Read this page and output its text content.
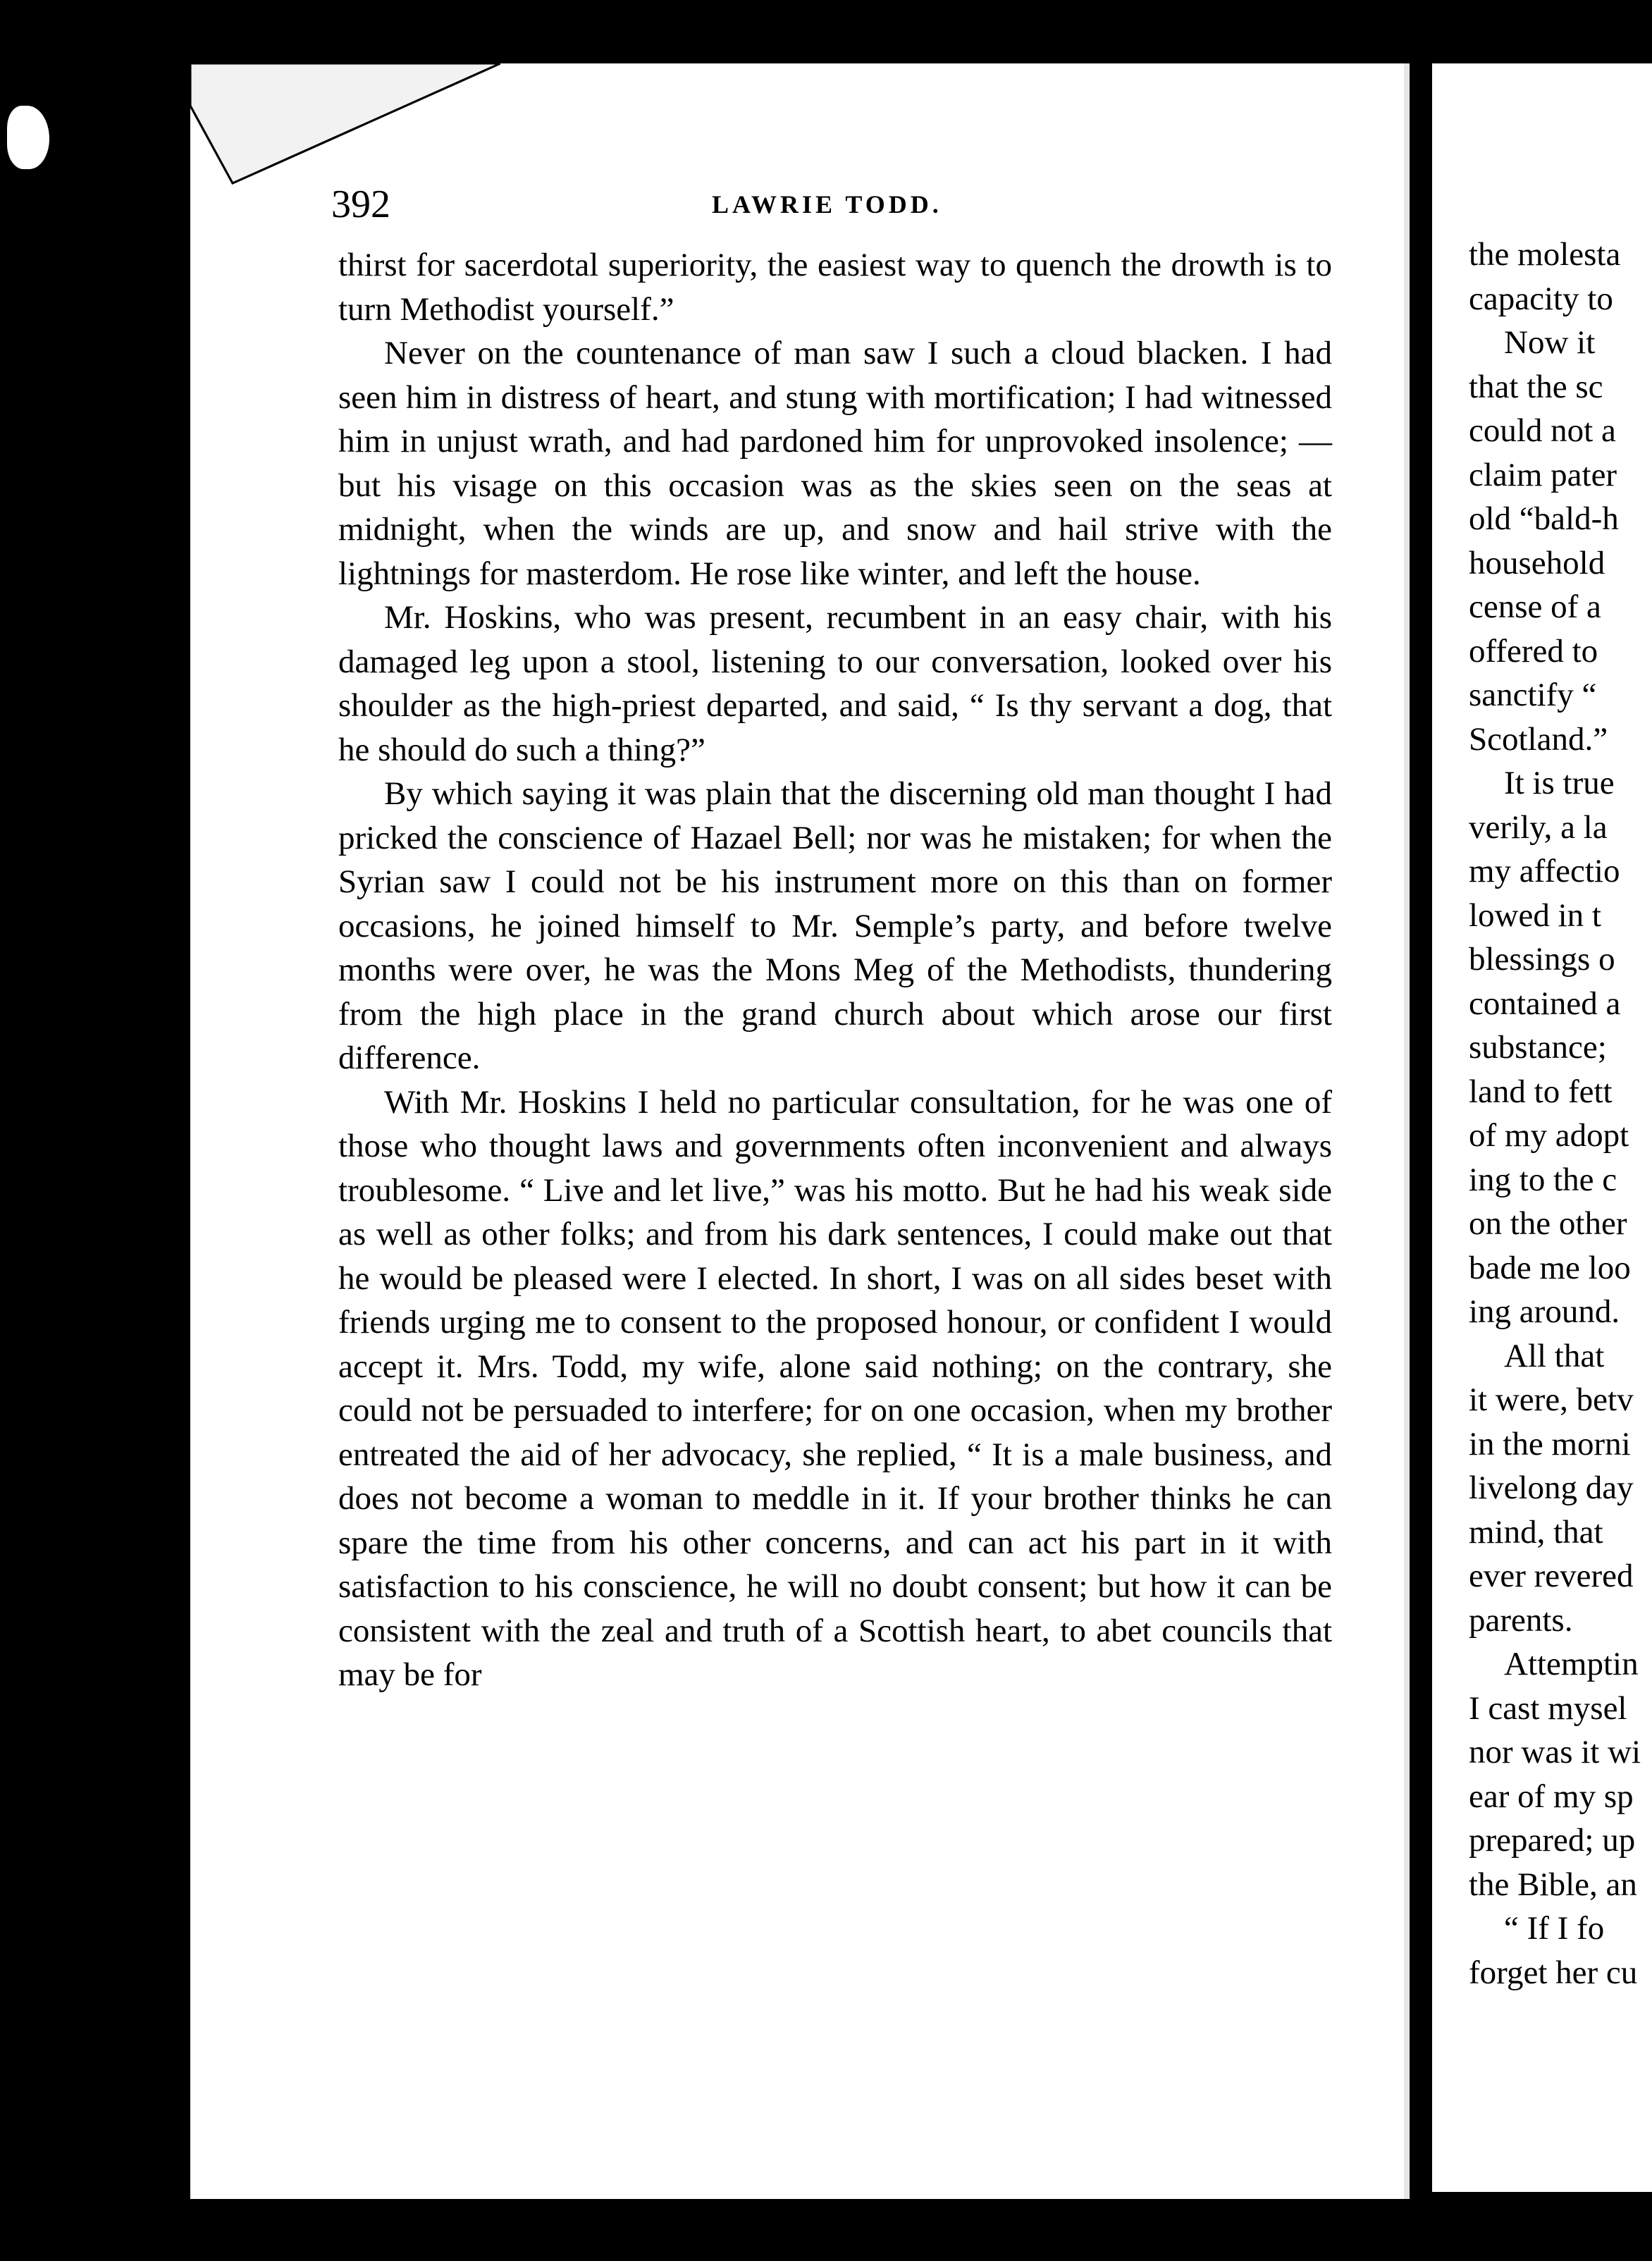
392	LAWRIE TODD.

thirst for sacerdotal superiority, the easiest way to quench the drowth is to turn Methodist yourself.”

Never on the countenance of man saw I such a cloud blacken. I had seen him in distress of heart, and stung with mortification; I had witnessed him in unjust wrath, and had pardoned him for unprovoked insolence; — but his visage on this occasion was as the skies seen on the seas at midnight, when the winds are up, and snow and hail strive with the lightnings for masterdom. He rose like winter, and left the house.

Mr. Hoskins, who was present, recumbent in an easy chair, with his damaged leg upon a stool, listening to our conversation, looked over his shoulder as the high-priest departed, and said, “ Is thy servant a dog, that he should do such a thing?”

By which saying it was plain that the discerning old man thought I had pricked the conscience of Hazael Bell; nor was he mistaken; for when the Syrian saw I could not be his instrument more on this than on former occasions, he joined himself to Mr. Semple’s party, and before twelve months were over, he was the Mons Meg of the Methodists, thundering from the high place in the grand church about which arose our first difference.

With Mr. Hoskins I held no particular consultation, for he was one of those who thought laws and governments often inconvenient and always troublesome. “ Live and let live,” was his motto. But he had his weak side as well as other folks; and from his dark sentences, I could make out that he would be pleased were I elected. In short, I was on all sides beset with friends urging me to consent to the proposed honour, or confident I would accept it. Mrs. Todd, my wife, alone said nothing; on the contrary, she could not be persuaded to interfere; for on one occasion, when my brother entreated the aid of her advocacy, she replied, “ It is a male business, and does not become a woman to meddle in it. If your brother thinks he can spare the time from his other concerns, and can act his part in it with satisfaction to his conscience, he will no doubt consent; but how it can be consistent with the zeal and truth of a Scottish heart, to abet councils that may be for

the molesta
capacity to
Now it
that the sc
could not a
claim pater
old “bald-h
household
cense of a
offered to
sanctify “
Scotland.”
It is true
verily, a la
my affectio
lowed in t
blessings o
contained a
substance;
land to fett
of my adopt
ing to the c
on the other
bade me loo
ing around.
All that
it were, betv
in the morni
livelong day
mind, that
ever revered
parents.
Attemptin
I cast mysel
nor was it wi
ear of my sp
prepared; up
the Bible, an
“ If I fo
forget her cu
